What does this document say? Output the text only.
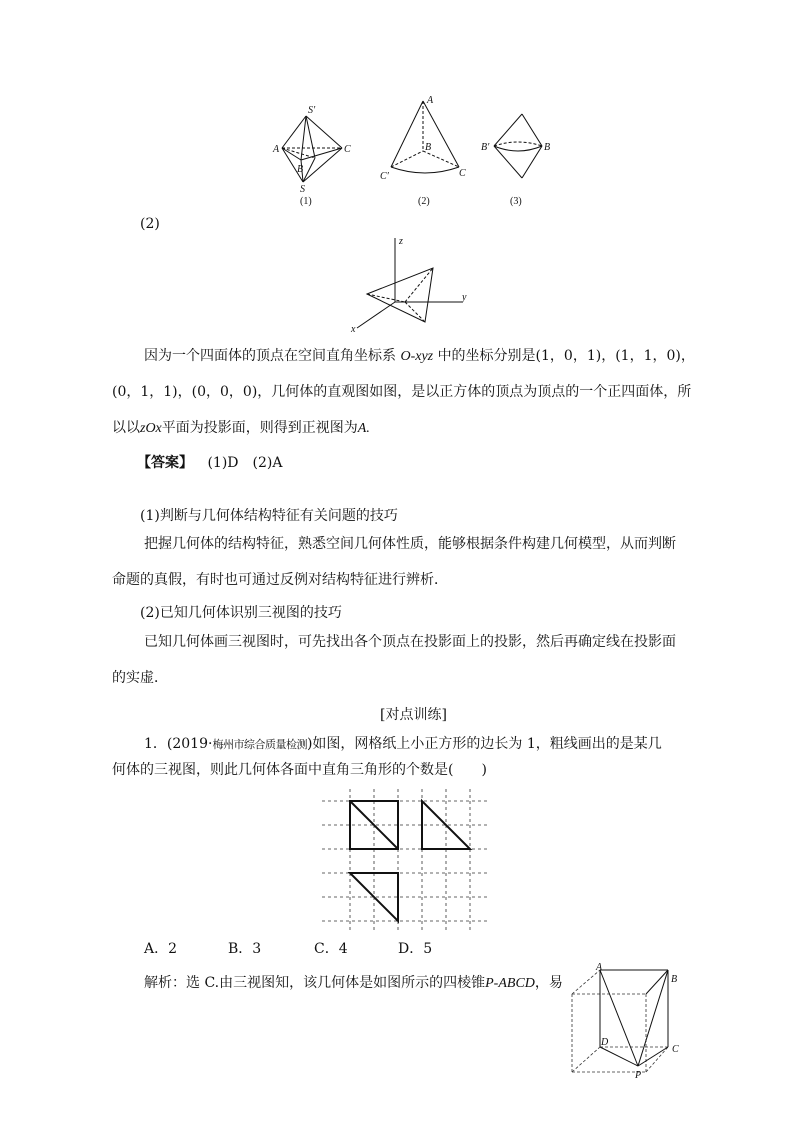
S′
A
B
C
S
(1)
A
B
C′	C
(2)
B′	B
(3)
(2)
z
y
x
因为一个四面体的顶点在空间直角坐标系 O-xyz 中的坐标分别是(1，0，1)，(1，1，0)，
(0，1，1)，(0，0，0)，几何体的直观图如图，是以正方体的顶点为顶点的一个正四面体，所
以以zOx平面为投影面，则得到正视图为A.
【答案】 (1)D　(2)A
(1)判断与几何体结构特征有关问题的技巧
把握几何体的结构特征，熟悉空间几何体性质，能够根据条件构建几何模型，从而判断
命题的真假，有时也可通过反例对结构特征进行辨析．
(2)已知几何体识别三视图的技巧
已知几何体画三视图时，可先找出各个顶点在投影面上的投影，然后再确定线在投影面
的实虚．
[对点训练]
1．(2019·梅州市综合质量检测)如图，网格纸上小正方形的边长为 1，粗线画出的是某几
何体的三视图，则此几何体各面中直角三角形的个数是(　　)
A．2	B．3	C．4	D．5
解析：选 C.由三视图知，该几何体是如图所示的四棱锥P-ABCD，易
A
B
D
C
P
